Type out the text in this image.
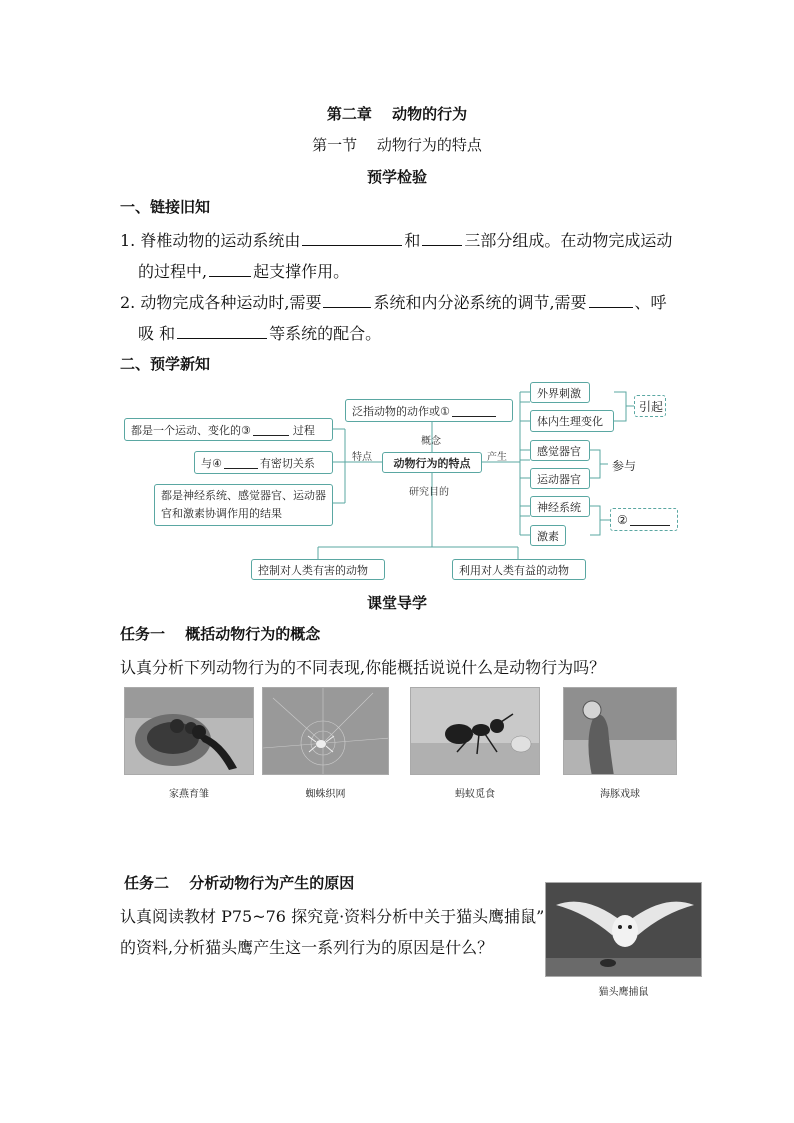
第二章　 动物的行为
第一节　 动物行为的特点
预学检验
一、链接旧知
1. 脊椎动物的运动系统由	和	三部分组成。在动物完成运动
的过程中,	起支撑作用。
2. 动物完成各种运动时,需要	系统和内分泌系统的调节,需要	、呼
吸 和	等系统的配合。
二、预学新知
泛指动物的动作或①
概念
都是一个运动、变化的③	过程
与④	有密切关系
都是神经系统、感觉器官、运动器官和激素协调作用的结果
特点	动物行为的特点	产生
研究目的
外界刺激
体内生理变化
感觉器官
运动器官
神经系统
激素
引起
参与
②
控制对人类有害的动物	利用对人类有益的动物
课堂导学
任务一　 概括动物行为的概念
认真分析下列动物行为的不同表现,你能概括说说什么是动物行为吗？
家燕育雏	蜘蛛织网	蚂蚁觅食	海豚戏球
任务二　 分析动物行为产生的原因
认真阅读教材 P75~76 探究竟·资料分析中关于猫头鹰捕鼠”
的资料,分析猫头鹰产生这一系列行为的原因是什么？
猫头鹰捕鼠
